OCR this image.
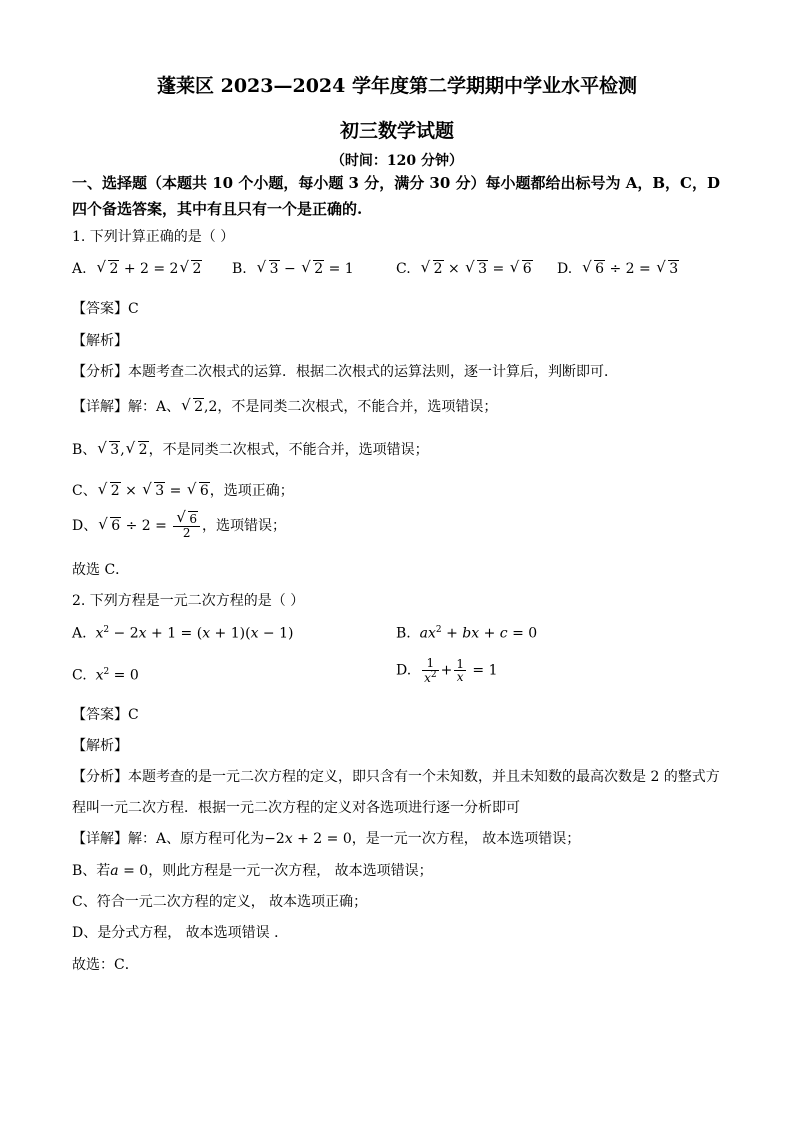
蓬莱区 2023—2024 学年度第二学期期中学业水平检测
初三数学试题
（时间：120 分钟）
一、选择题（本题共 10 个小题，每小题 3 分，满分 30 分）每小题都给出标号为 A，B，C，D
四个备选答案，其中有且只有一个是正确的.
1. 下列计算正确的是（ ）
A. √ 2 + 2 = 2 √ 2 B. √ 3 − √ 2 = 1	C. √ 2 × √ 3 = √ 6 D. √ 6 ÷ 2 = √ 3
【答案】C
【解析】
【分析】本题考查二次根式的运算．根据二次根式的运算法则，逐一计算后，判断即可．
【详解】解：A、 √ 2,2，不是同类二次根式，不能合并，选项错误；
B、 √ 3, √ 2，不是同类二次根式，不能合并，选项错误；
C、 √ 2 × √ 3 = √ 6，选项正确；
D、 √ 6 ÷ 2 = √ $\frac{6}{2}$ ，选项错误；
故选 C．
2. 下列方程是一元二次方程的是（ ）
A. $x^2 - 2x + 1 = (x + 1)(x - 1)$	B. $ax^2$ + bx + c = 0
C. $x^2 = 0$	D. $\frac{1}{x^2} + \frac{1}{x} = 1$
【答案】C
【解析】
【分析】本题考查的是一元二次方程的定义，即只含有一个未知数，并且未知数的最高次数是 2 的整式方
程叫一元二次方程．根据一元二次方程的定义对各选项进行逐一分析即可
【详解】解：A、原方程可化为−2x + 2 = 0，是一元一次方程， 故本选项错误；
B、若a = 0，则此方程是一元一次方程， 故本选项错误；
C、符合一元二次方程的定义， 故本选项正确；
D、是分式方程， 故本选项错误 ．
故选：C．
